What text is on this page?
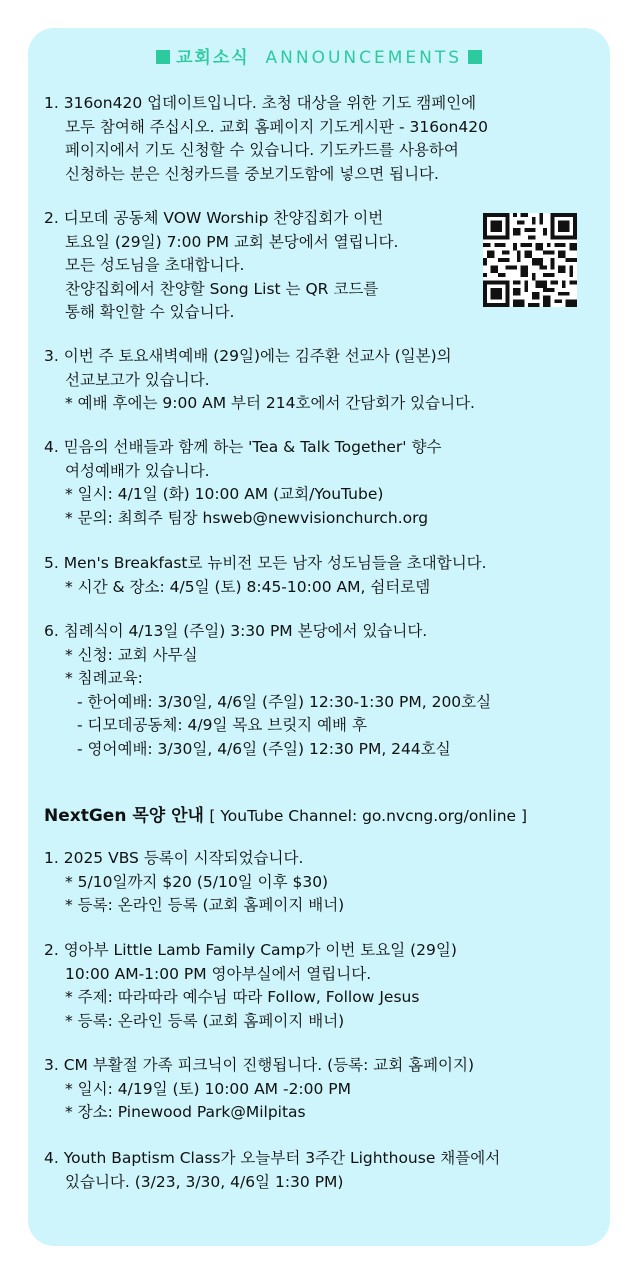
교회소식 ANNOUNCEMENTS
1. 316on420 업데이트입니다. 초청 대상을 위한 기도 캠페인에
모두 참여해 주십시오. 교회 홈페이지 기도게시판 - 316on420
페이지에서 기도 신청할 수 있습니다. 기도카드를 사용하여
신청하는 분은 신청카드를 중보기도함에 넣으면 됩니다.
2. 디모데 공동체 VOW Worship 찬양집회가 이번
토요일 (29일) 7:00 PM 교회 본당에서 열립니다.
모든 성도님을 초대합니다.
찬양집회에서 찬양할 Song List 는 QR 코드를
통해 확인할 수 있습니다.
3. 이번 주 토요새벽예배 (29일)에는 김주환 선교사 (일본)의
선교보고가 있습니다.
* 예배 후에는 9:00 AM 부터 214호에서 간담회가 있습니다.
4. 믿음의 선배들과 함께 하는 'Tea & Talk Together' 향수
여성예배가 있습니다.
* 일시: 4/1일 (화) 10:00 AM (교회/YouTube)
* 문의: 최희주 팀장 hsweb@newvisionchurch.org
5. Men's Breakfast로 뉴비전 모든 남자 성도님들을 초대합니다.
* 시간 & 장소: 4/5일 (토) 8:45-10:00 AM, 쉼터로뎀
6. 침례식이 4/13일 (주일) 3:30 PM 본당에서 있습니다.
* 신청: 교회 사무실
* 침례교육:
- 한어예배: 3/30일, 4/6일 (주일) 12:30-1:30 PM, 200호실
- 디모데공동체: 4/9일 목요 브릿지 예배 후
- 영어예배: 3/30일, 4/6일 (주일) 12:30 PM, 244호실
NextGen 목양 안내 [ YouTube Channel: go.nvcng.org/online ]
1. 2025 VBS 등록이 시작되었습니다.
* 5/10일까지 $20 (5/10일 이후 $30)
* 등록: 온라인 등록 (교회 홈페이지 배너)
2. 영아부 Little Lamb Family Camp가 이번 토요일 (29일)
10:00 AM-1:00 PM 영아부실에서 열립니다.
* 주제: 따라따라 예수님 따라 Follow, Follow Jesus
* 등록: 온라인 등록 (교회 홈페이지 배너)
3. CM 부활절 가족 피크닉이 진행됩니다. (등록: 교회 홈페이지)
* 일시: 4/19일 (토) 10:00 AM -2:00 PM
* 장소: Pinewood Park@Milpitas
4. Youth Baptism Class가 오늘부터 3주간 Lighthouse 채플에서
있습니다. (3/23, 3/30, 4/6일 1:30 PM)
